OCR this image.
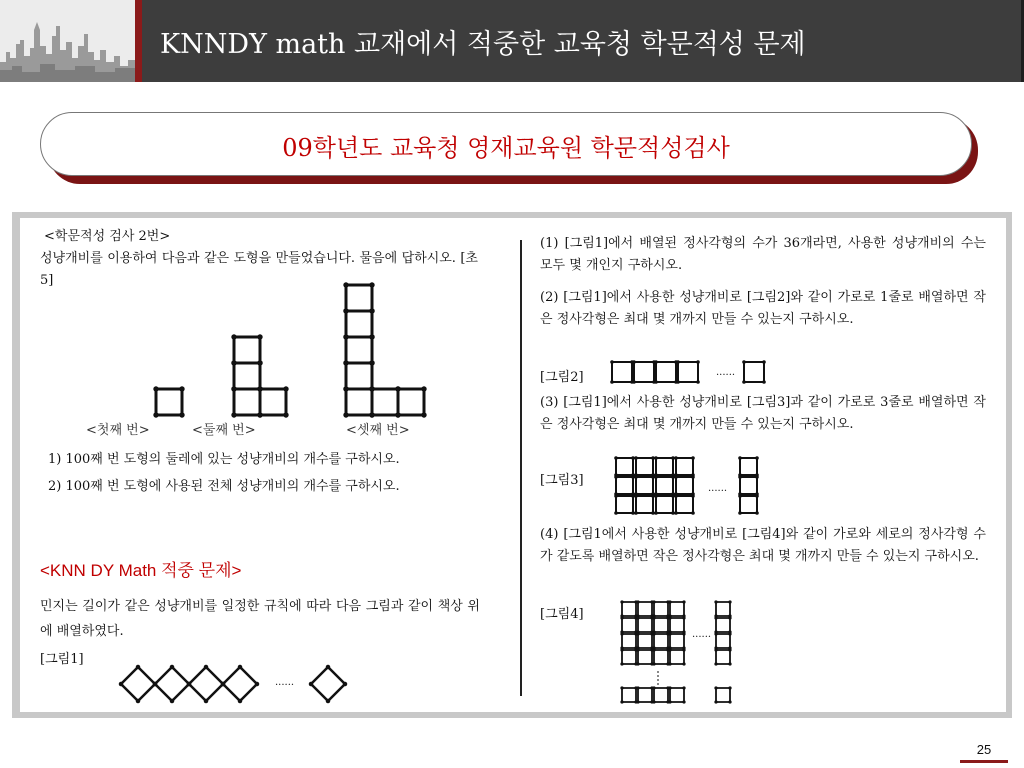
KNNDY math 교재에서 적중한 교육청 학문적성 문제
09학년도 교육청 영재교육원 학문적성검사
<학문적성 검사 2번>
성냥개비를 이용하여 다음과 같은 도형을 만들었습니다. 물음에 답하시오. [초5]
<첫째 번>	<둘째 번>	<셋째 번>
1) 100째 번 도형의 둘레에 있는 성냥개비의 개수를 구하시오.
2) 100째 번 도형에 사용된 전체 성냥개비의 개수를 구하시오.
<KNN DY Math 적중 문제>
민지는 길이가 같은 성냥개비를 일정한 규칙에 따라 다음 그림과 같이 책상 위에 배열하였다.
[그림1]
......
(1) [그림1]에서 배열된 정사각형의 수가 36개라면, 사용한 성냥개비의 수는 모두 몇 개인지 구하시오.
(2) [그림1]에서 사용한 성냥개비로 [그림2]와 같이 가로로 1줄로 배열하면 작은 정사각형은 최대 몇 개까지 만들 수 있는지 구하시오.
[그림2]	......
(3) [그림1]에서 사용한 성냥개비로 [그림3]과 같이 가로로 3줄로 배열하면 작은 정사각형은 최대 몇 개까지 만들 수 있는지 구하시오.
[그림3]
......
(4) [그림1에서 사용한 성냥개비로 [그림4]와 같이 가로와 세로의 정사각형 수가 같도록 배열하면 작은 정사각형은 최대 몇 개까지 만들 수 있는지 구하시오.
[그림4]
......
25
